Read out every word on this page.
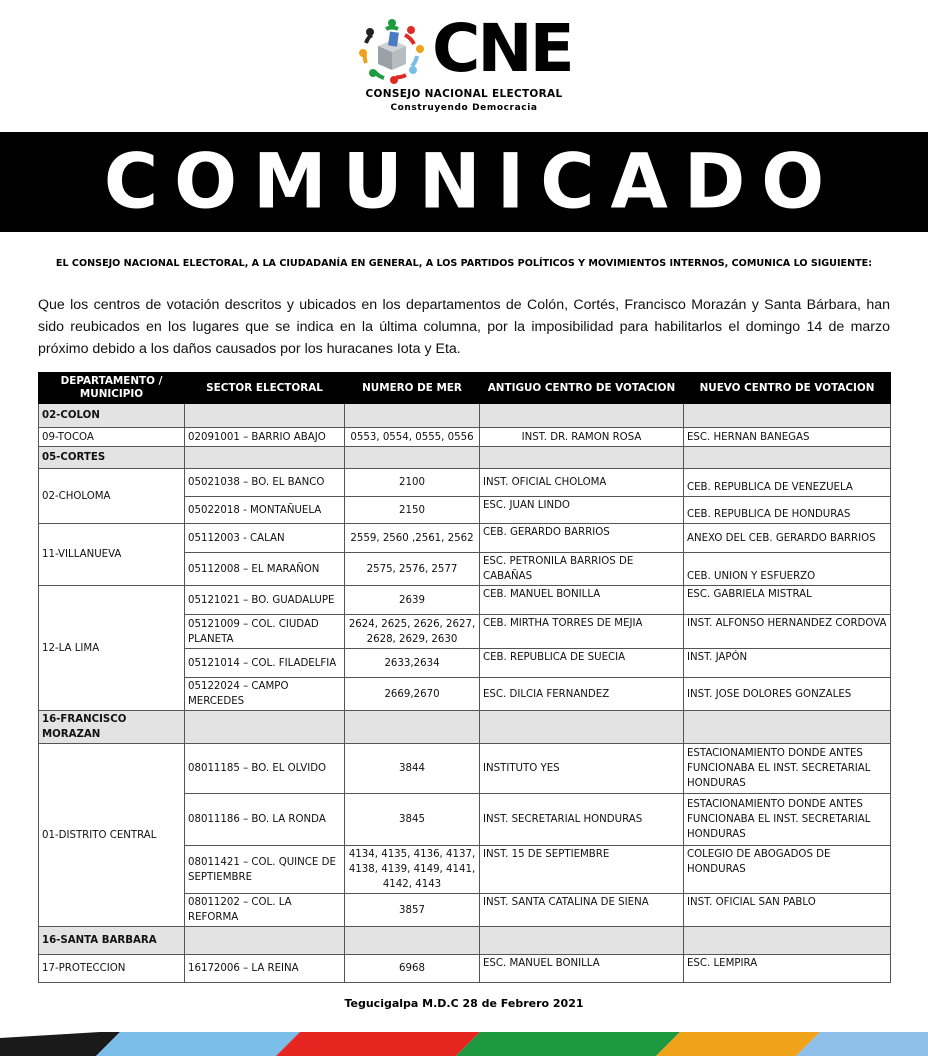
CNE
CONSEJO NACIONAL ELECTORAL
Construyendo Democracia
COMUNICADO
EL CONSEJO NACIONAL ELECTORAL, A LA CIUDADANÍA EN GENERAL, A LOS PARTIDOS POLÍTICOS Y MOVIMIENTOS INTERNOS, COMUNICA LO SIGUIENTE:

Que los centros de votación descritos y ubicados en los departamentos de Colón, Cortés, Francisco Morazán y Santa Bárbara, han sido reubicados en los lugares que se indica en la última columna, por la imposibilidad para habilitarlos el domingo 14 de marzo próximo debido a los daños causados por los huracanes Iota y Eta.

DEPARTAMENTO / MUNICIPIO	SECTOR ELECTORAL	NUMERO DE MER	ANTIGUO CENTRO DE VOTACION	NUEVO CENTRO DE VOTACION
02-COLON				
09-TOCOA	02091001 – BARRIO ABAJO	0553, 0554, 0555, 0556	INST. DR. RAMON ROSA	ESC. HERNAN BANEGAS
05-CORTES				
02-CHOLOMA	05021038 – BO. EL BANCO	2100	INST. OFICIAL CHOLOMA	CEB. REPUBLICA DE VENEZUELA
	05022018 - MONTAÑUELA	2150	ESC. JUAN LINDO	CEB. REPUBLICA DE HONDURAS
11-VILLANUEVA	05112003 - CALAN	2559, 2560 ,2561, 2562	CEB. GERARDO BARRIOS	ANEXO DEL CEB. GERARDO BARRIOS
	05112008 – EL MARAÑON	2575, 2576, 2577	ESC. PETRONILA BARRIOS DE CABAÑAS	CEB. UNION Y ESFUERZO
12-LA LIMA	05121021 – BO. GUADALUPE	2639	CEB. MANUEL BONILLA	ESC. GABRIELA MISTRAL
	05121009 – COL. CIUDAD PLANETA	2624, 2625, 2626, 2627, 2628, 2629, 2630	CEB. MIRTHA TORRES DE MEJIA	INST. ALFONSO HERNANDEZ CORDOVA
	05121014 – COL. FILADELFIA	2633,2634	CEB. REPUBLICA DE SUECIA	INST. JAPÓN
	05122024 – CAMPO MERCEDES	2669,2670	ESC. DILCIA FERNANDEZ	INST. JOSE DOLORES GONZALES
16-FRANCISCO MORAZAN				
01-DISTRITO CENTRAL	08011185 – BO. EL OLVIDO	3844	INSTITUTO YES	ESTACIONAMIENTO DONDE ANTES FUNCIONABA EL INST. SECRETARIAL HONDURAS
	08011186 – BO. LA RONDA	3845	INST. SECRETARIAL HONDURAS	ESTACIONAMIENTO DONDE ANTES FUNCIONABA EL INST. SECRETARIAL HONDURAS
	08011421 – COL. QUINCE DE SEPTIEMBRE	4134, 4135, 4136, 4137, 4138, 4139, 4149, 4141, 4142, 4143	INST. 15 DE SEPTIEMBRE	COLEGIO DE ABOGADOS DE HONDURAS
	08011202 – COL. LA REFORMA	3857	INST. SANTA CATALINA DE SIENA	INST. OFICIAL SAN PABLO
16-SANTA BARBARA				
17-PROTECCION	16172006 – LA REINA	6968	ESC. MANUEL BONILLA	ESC. LEMPIRA
Tegucigalpa M.D.C 28 de Febrero 2021
